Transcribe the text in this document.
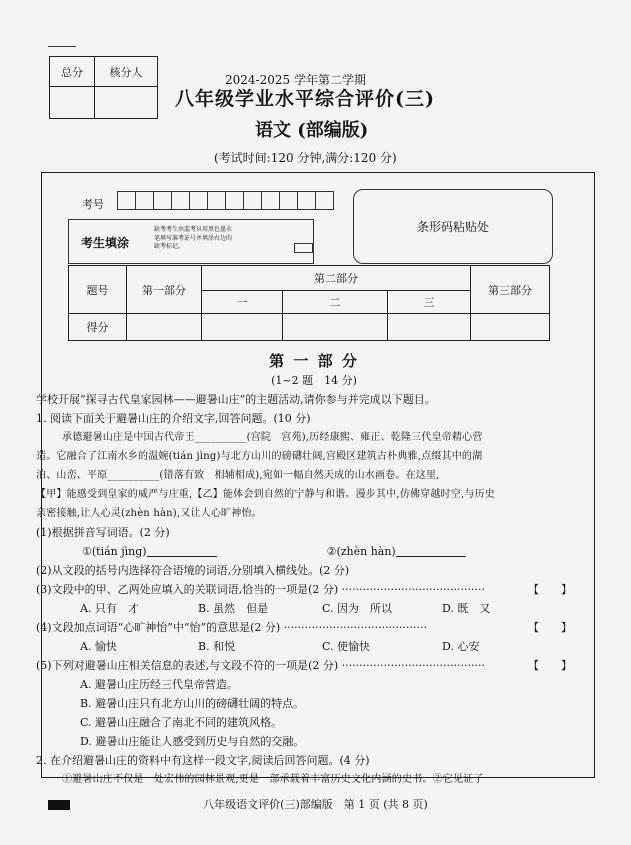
总分	核分人

2024-2025 学年第二学期
八年级学业水平综合评价(三)
语文 (部编版)
(考试时间:120 分钟,满分:120 分)
考号
考生填涂
缺考考生由监考员用黑色墨水
笔填写准考证号并填涂右边的
缺考标记。
条形码粘贴处
题号	第一部分	第二部分			第三部分
		一	二	三	
得分					
第 一 部 分
(1~2 题　14 分)
学校开展“探寻古代皇家园林——避暑山庄”的主题活动,请你参与并完成以下题目。
1. 阅读下面关于避暑山庄的介绍文字,回答问题。(10 分)
承德避暑山庄是中国古代帝王__________(宫院　宫苑),历经康熙、雍正、乾隆三代皇帝精心营
造。它融合了江南水乡的温婉(tián jìng)与北方山川的磅礴壮阔,宫殿区建筑古朴典雅,点缀其中的湖
泊、山峦、平原__________(错落有致　相辅相成),宛如一幅自然天成的山水画卷。在这里,
【甲】能感受到皇家的威严与庄重,【乙】能体会到自然的宁静与和谐。漫步其中,仿佛穿越时空,与历史
亲密接触,让人心灵(zhèn hàn),又让人心旷神怡。
(1)根据拼音写词语。(2 分)
①(tián jìng)	②(zhèn hàn)
(2)从文段的括号内选择符合语境的词语,分别填入横线处。(2 分)
(3)文段中的甲、乙两处应填入的关联词语,恰当的一项是(2 分) ·········································	【　　】
A. 只有　才	B. 虽然　但是	C. 因为　所以	D. 既　又
(4)文段加点词语“心旷神怡”中“怡”的意思是(2 分) ·········································	【　　】
A. 愉快	B. 和悦	C. 使愉快	D. 心安
(5)下列对避暑山庄相关信息的表述,与文段不符的一项是(2 分) ·········································	【　　】
A. 避暑山庄历经三代皇帝营造。
B. 避暑山庄只有北方山川的磅礴壮阔的特点。
C. 避暑山庄融合了南北不同的建筑风格。
D. 避暑山庄能让人感受到历史与自然的交融。
2. 在介绍避暑山庄的资料中有这样一段文字,阅读后回答问题。(4 分)
①避暑山庄不仅是一处宏伟的园林景观,更是一部承载着丰富历史文化内涵的史书。②它见证了
八年级语文评价(三)部编版　第 1 页 (共 8 页)
